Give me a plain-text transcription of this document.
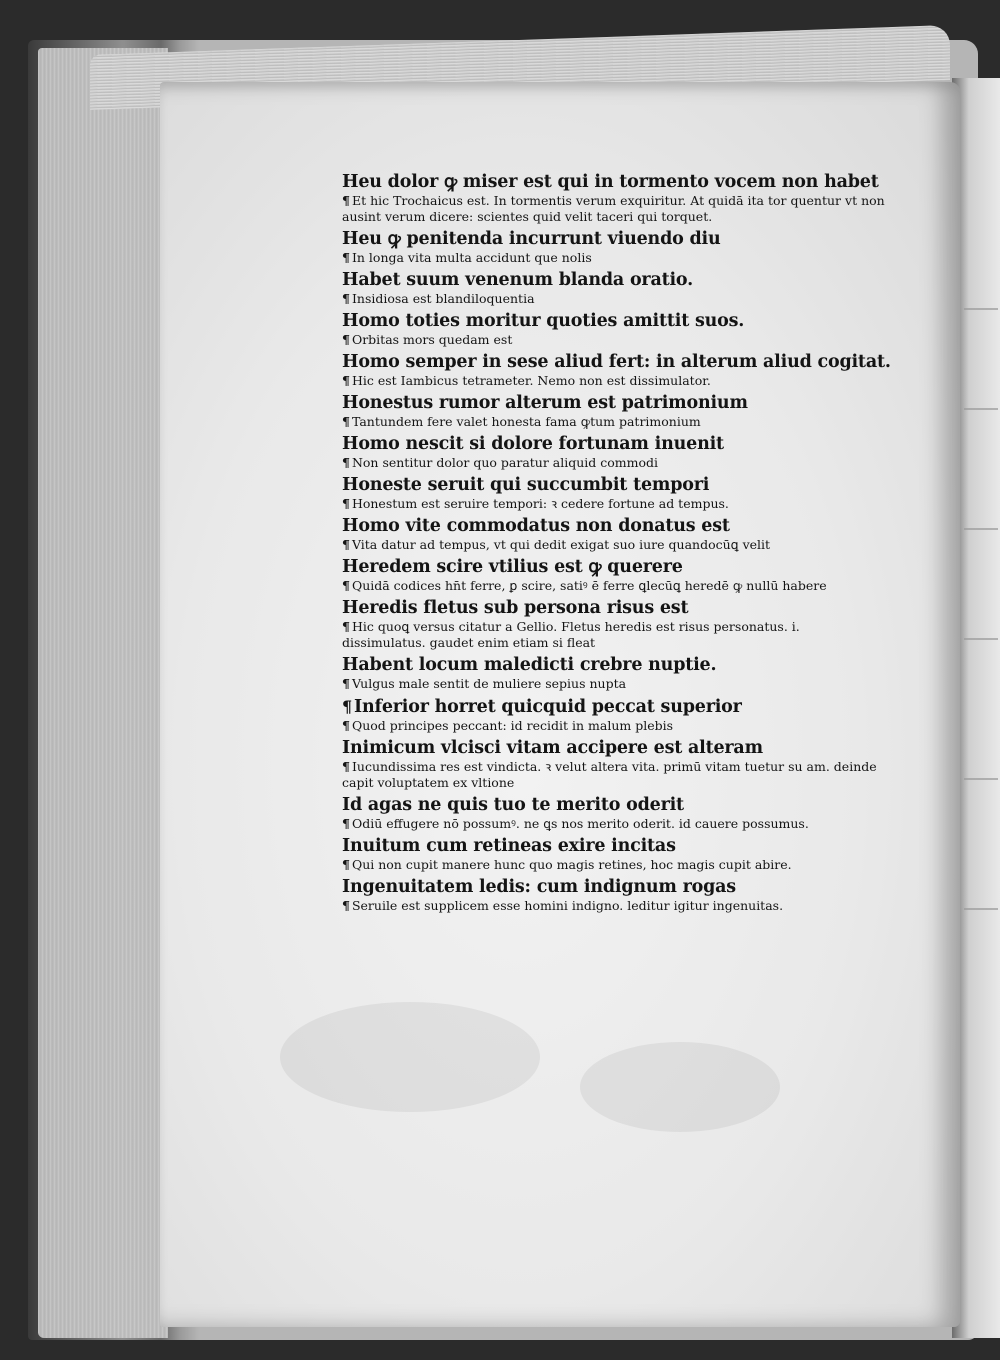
Heu dolor ꝙ miser est qui in tormento vocem non habet
¶ Et hic Trochaicus est. In tormentis verum exquiritur. At quidā ita tor quentur vt non ausint verum dicere: scientes quid velit taceri qui torquet.
Heu ꝙ penitenda incurrunt viuendo diu
¶ In longa vita multa accidunt que nolis
Habet suum venenum blanda oratio.
¶ Insidiosa est blandiloquentia
Homo toties moritur quoties amittit suos.
¶ Orbitas mors quedam est
Homo semper in sese aliud fert: in alterum aliud cogitat.
¶ Hic est Iambicus tetrameter. Nemo non est dissimulator.
Honestus rumor alterum est patrimonium
¶ Tantundem fere valet honesta fama ꝙtum patrimonium
Homo nescit si dolore fortunam inuenit
¶ Non sentitur dolor quo paratur aliquid commodi
Honeste seruit qui succumbit tempori
¶ Honestum est seruire tempori: ꝛ cedere fortune ad tempus.
Homo vite commodatus non donatus est
¶ Vita datur ad tempus, vt qui dedit exigat suo iure quandocūꝗ velit
Heredem scire vtilius est ꝙ querere
¶ Quidā codices hn̄t ferre, ꝑ scire, satiꝰ ē ferre ꝗlecūꝗ heredē ꝙ nullū habere
Heredis fletus sub persona risus est
¶ Hic quoꝗ versus citatur a Gellio. Fletus heredis est risus personatus. i. dissimulatus. gaudet enim etiam si fleat
Habent locum maledicti crebre nuptie.
¶ Vulgus male sentit de muliere sepius nupta
¶ Inferior horret quicquid peccat superior
¶ Quod principes peccant: id recidit in malum plebis
Inimicum vlcisci vitam accipere est alteram
¶ Iucundissima res est vindicta. ꝛ velut altera vita. primū vitam tuetur su am. deinde capit voluptatem ex vltione
Id agas ne quis tuo te merito oderit
¶ Odiū effugere nō possumꝰ. ne ꝗs nos merito oderit. id cauere possumus.
Inuitum cum retineas exire incitas
¶ Qui non cupit manere hunc quo magis retines, hoc magis cupit abire.
Ingenuitatem ledis: cum indignum rogas
¶ Seruile est supplicem esse homini indigno. leditur igitur ingenuitas.
